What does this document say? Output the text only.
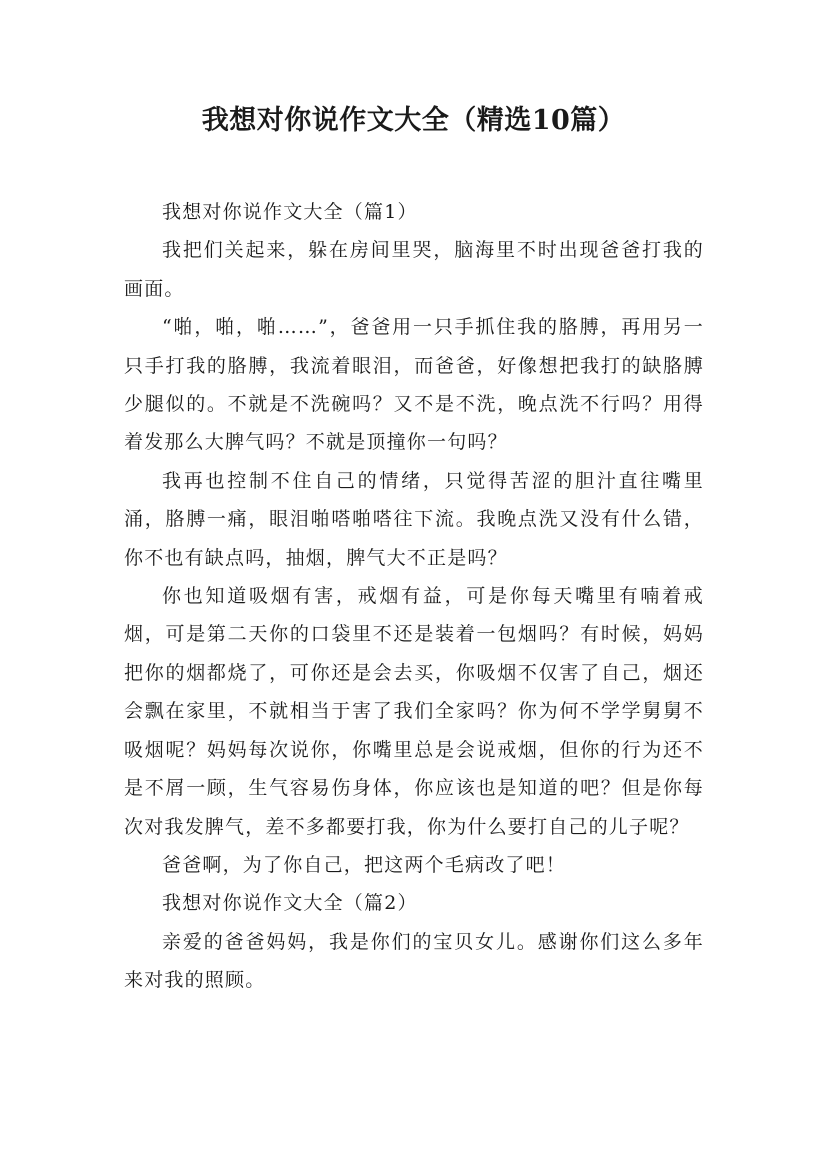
我想对你说作文大全（精选10篇）

我想对你说作文大全（篇1）

我把们关起来，躲在房间里哭，脑海里不时出现爸爸打我的画面。

“啪，啪，啪……”，爸爸用一只手抓住我的胳膊，再用另一只手打我的胳膊，我流着眼泪，而爸爸，好像想把我打的缺胳膊少腿似的。不就是不洗碗吗？又不是不洗，晚点洗不行吗？用得着发那么大脾气吗？不就是顶撞你一句吗？

我再也控制不住自己的情绪，只觉得苦涩的胆汁直往嘴里涌，胳膊一痛，眼泪啪嗒啪嗒往下流。我晚点洗又没有什么错，你不也有缺点吗，抽烟，脾气大不正是吗？

你也知道吸烟有害，戒烟有益，可是你每天嘴里有喃着戒烟，可是第二天你的口袋里不还是装着一包烟吗？有时候，妈妈把你的烟都烧了，可你还是会去买，你吸烟不仅害了自己，烟还会飘在家里，不就相当于害了我们全家吗？你为何不学学舅舅不吸烟呢？妈妈每次说你，你嘴里总是会说戒烟，但你的行为还不是不屑一顾，生气容易伤身体，你应该也是知道的吧？但是你每次对我发脾气，差不多都要打我，你为什么要打自己的儿子呢？

爸爸啊，为了你自己，把这两个毛病改了吧！

我想对你说作文大全（篇2）

亲爱的爸爸妈妈，我是你们的宝贝女儿。感谢你们这么多年来对我的照顾。
